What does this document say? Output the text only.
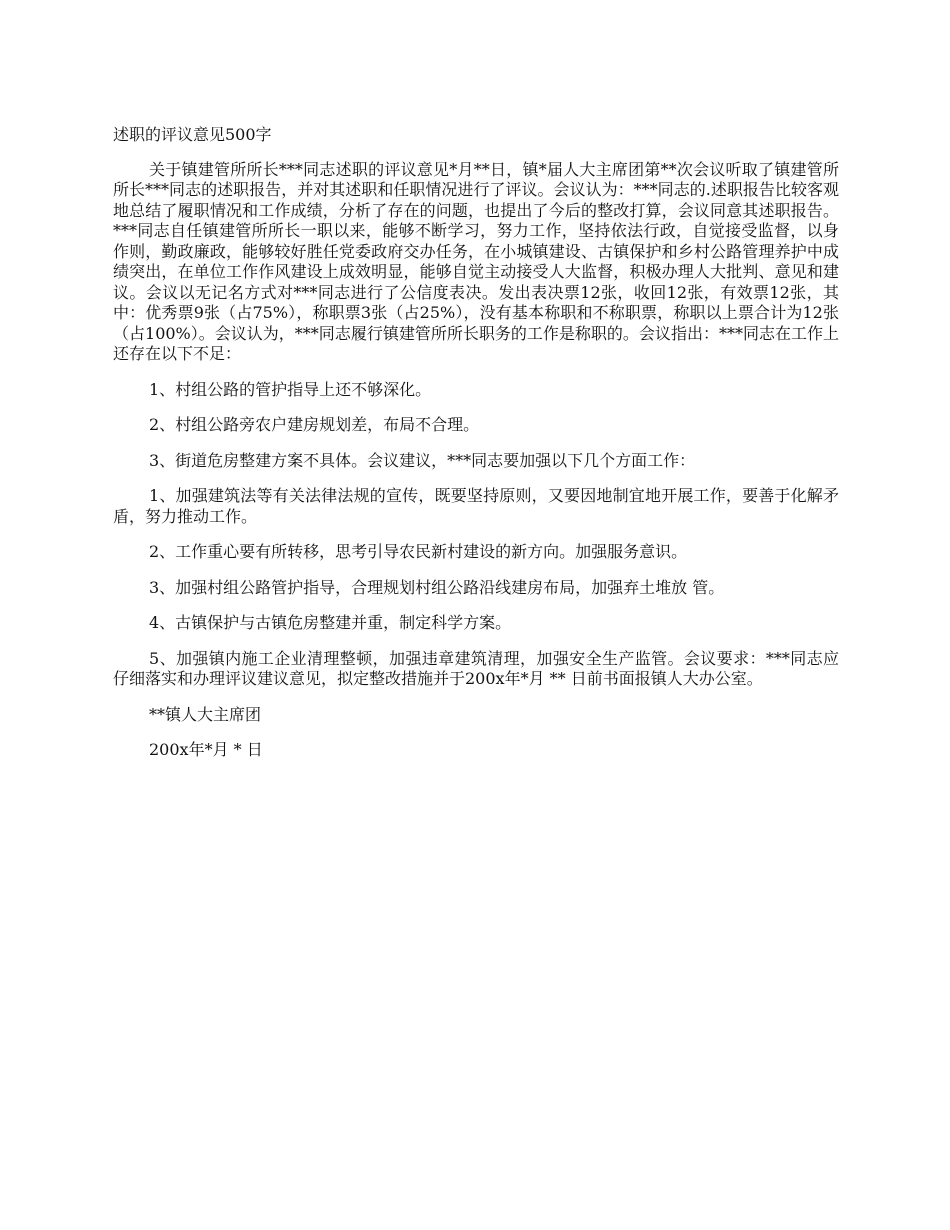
述职的评议意见500字

关于镇建管所所长***同志述职的评议意见*月**日，镇*届人大主席团第**次会议听取了镇建管所所长***同志的述职报告，并对其述职和任职情况进行了评议。会议认为：***同志的.述职报告比较客观地总结了履职情况和工作成绩，分析了存在的问题，也提出了今后的整改打算，会议同意其述职报告。***同志自任镇建管所所长一职以来，能够不断学习，努力工作，坚持依法行政，自觉接受监督，以身作则，勤政廉政，能够较好胜任党委政府交办任务，在小城镇建设、古镇保护和乡村公路管理养护中成绩突出，在单位工作作风建设上成效明显，能够自觉主动接受人大监督，积极办理人大批判、意见和建议。会议以无记名方式对***同志进行了公信度表决。发出表决票12张，收回12张，有效票12张，其中：优秀票9张（占75%），称职票3张（占25%），没有基本称职和不称职票，称职以上票合计为12张（占100%）。会议认为，***同志履行镇建管所所长职务的工作是称职的。会议指出：***同志在工作上还存在以下不足：

1、村组公路的管护指导上还不够深化。

2、村组公路旁农户建房规划差，布局不合理。

3、街道危房整建方案不具体。会议建议，***同志要加强以下几个方面工作：

1、加强建筑法等有关法律法规的宣传，既要坚持原则，又要因地制宜地开展工作，要善于化解矛盾，努力推动工作。

2、工作重心要有所转移，思考引导农民新村建设的新方向。加强服务意识。

3、加强村组公路管护指导，合理规划村组公路沿线建房布局，加强弃土堆放 管。

4、古镇保护与古镇危房整建并重，制定科学方案。

5、加强镇内施工企业清理整顿，加强违章建筑清理，加强安全生产监管。会议要求：***同志应仔细落实和办理评议建议意见，拟定整改措施并于200x年*月 ** 日前书面报镇人大办公室。

**镇人大主席团

200x年*月 * 日
